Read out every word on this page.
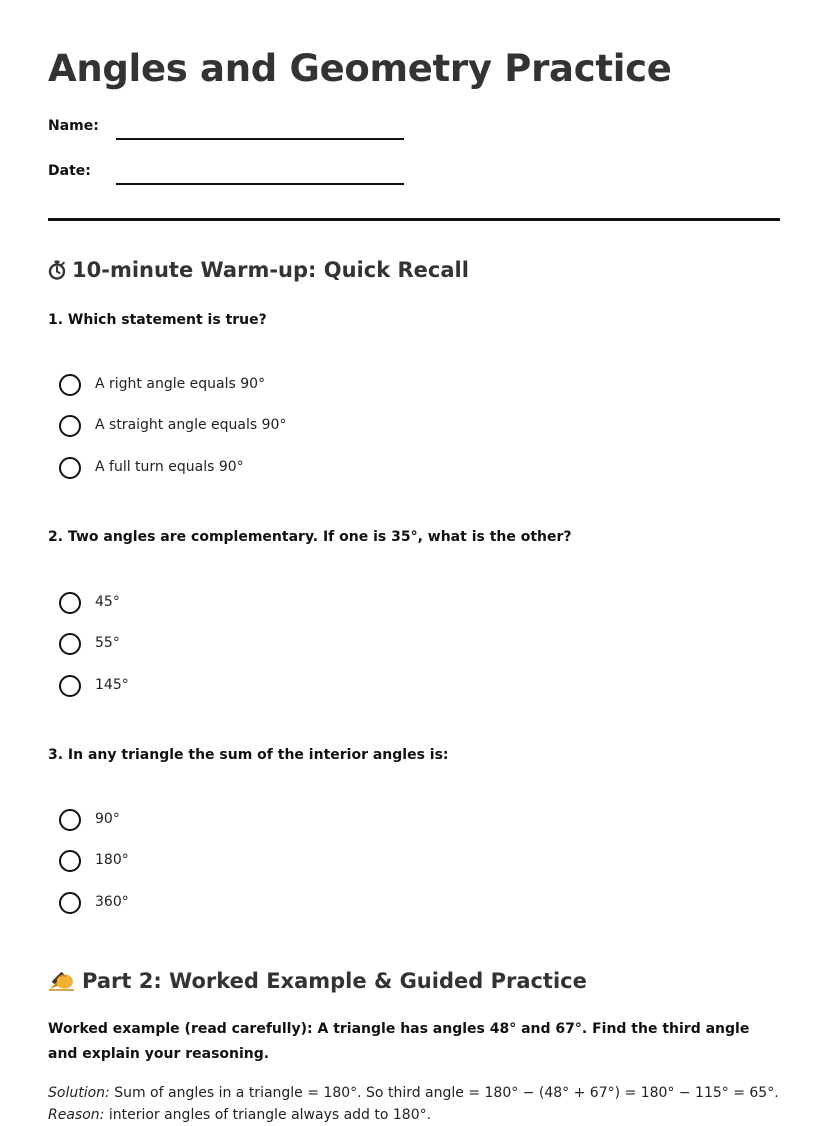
Angles and Geometry Practice
Name:
Date:
10-minute Warm-up: Quick Recall

1. Which statement is true?

A right angle equals 90°
A straight angle equals 90°
A full turn equals 90°

2. Two angles are complementary. If one is 35°, what is the other?

45°
55°
145°

3. In any triangle the sum of the interior angles is:

90°
180°
360°
Part 2: Worked Example & Guided Practice

Worked example (read carefully): A triangle has angles 48° and 67°. Find the third angle and explain your reasoning.

Solution: Sum of angles in a triangle = 180°. So third angle = 180° − (48° + 67°) = 180° − 115° = 65°.
Reason: interior angles of triangle always add to 180°.
